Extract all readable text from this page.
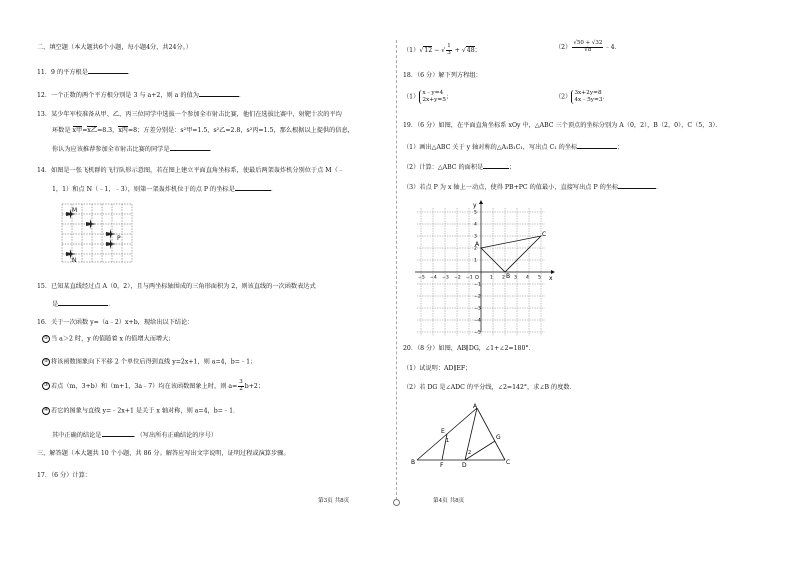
二、填空题（本大题共6个小题，每小题4分，共24分。）
11．9 的平方根是	．
12．一个正数的两个平方根分别是 3 与 a+2，则 a 的值为	．
13．某少年军校准备从甲、乙、丙三位同学中选拔一个参加全市射击比赛，他们在选拔比赛中，射靶十次的平均
环数是 x甲=x乙=8.3，x丙=8；方差分别是：s²甲=1.5，s²乙=2.8，s²丙=1.5，那么根据以上提供的信息，
你认为应该推荐参加全市射击比赛的同学是	．
14．如图是一张飞机群的飞行队形示意图，若在图上建立平面直角坐标系，使最后两架轰炸机分别位于点 M（﹣
1，1）和点 N（﹣1，﹣3），则第一架轰炸机位于的点 P 的坐标是	．
M
P
N
15．已知某直线经过点 A（0，2），且与两坐标轴围成的三角形面积为 2，则该直线的一次函数表达式
是	．
16．关于一次函数 y=（a﹣2）x+b，现给出以下结论：
① 当 a＞2 时，y 的值随着 x 的值增大而增大；
② 将该函数图象向下平移 2 个单位后得到直线 y=2x+1，则 a=4，b=﹣1；
③ 若点（m，3+b）和（m+1，3a﹣7）均在该函数图象上时，则 $a= \frac{3}{2} b+2$；
④ 若它的图象与直线 y=﹣2x+1 是关于 x 轴对称，则 a=4，b=﹣1．
其中正确的结论是	．（写出所有正确结论的序号）
三、解答题（本大题共 10 个小题，共 86 分。解答应写出文字说明，证明过程或演算步骤。
17．（6 分）计算：
第3页 共8页
（1）√12 − √ $\frac{1}{3} + √48$；	$(2) \frac{√50 + √32}{√8}$ ﹣4．
18．（6 分）解下列方程组：
（1）
x﹣y=4
2x+y=5 ；	（2）
3x+2y=8
4x﹣5y=3 ．
19．（6 分）如图，在平面直角坐标系 xOy 中，△ABC 三个顶点的坐标分别为 A（0，2），B（2，0），C（5，3）．
（1）画出△ABC 关于 y 轴对称的△A₁B₁C₁，写出点 C₁ 的坐标	；
（2）计算：△ABC 的面积是	；
（3）若点 P 为 x 轴上一动点，使得 PB+PC 的值最小，直接写出点 P 的坐标	．
y
x
O
−5 −4 −3 −2 −1	1 2 3 4 5
5
4
3
2
1
−1
−2
−3
−4
−5
A
B
C
20．（8 分）如图，AB∥DG，∠1+∠2=180°．
（1）试说明：AD∥EF；
（2）若 DG 是∠ADC 的平分线，∠2=142°，求∠B 的度数．
A
B	C
D
E
F
G
1
2
第4页 共8页
